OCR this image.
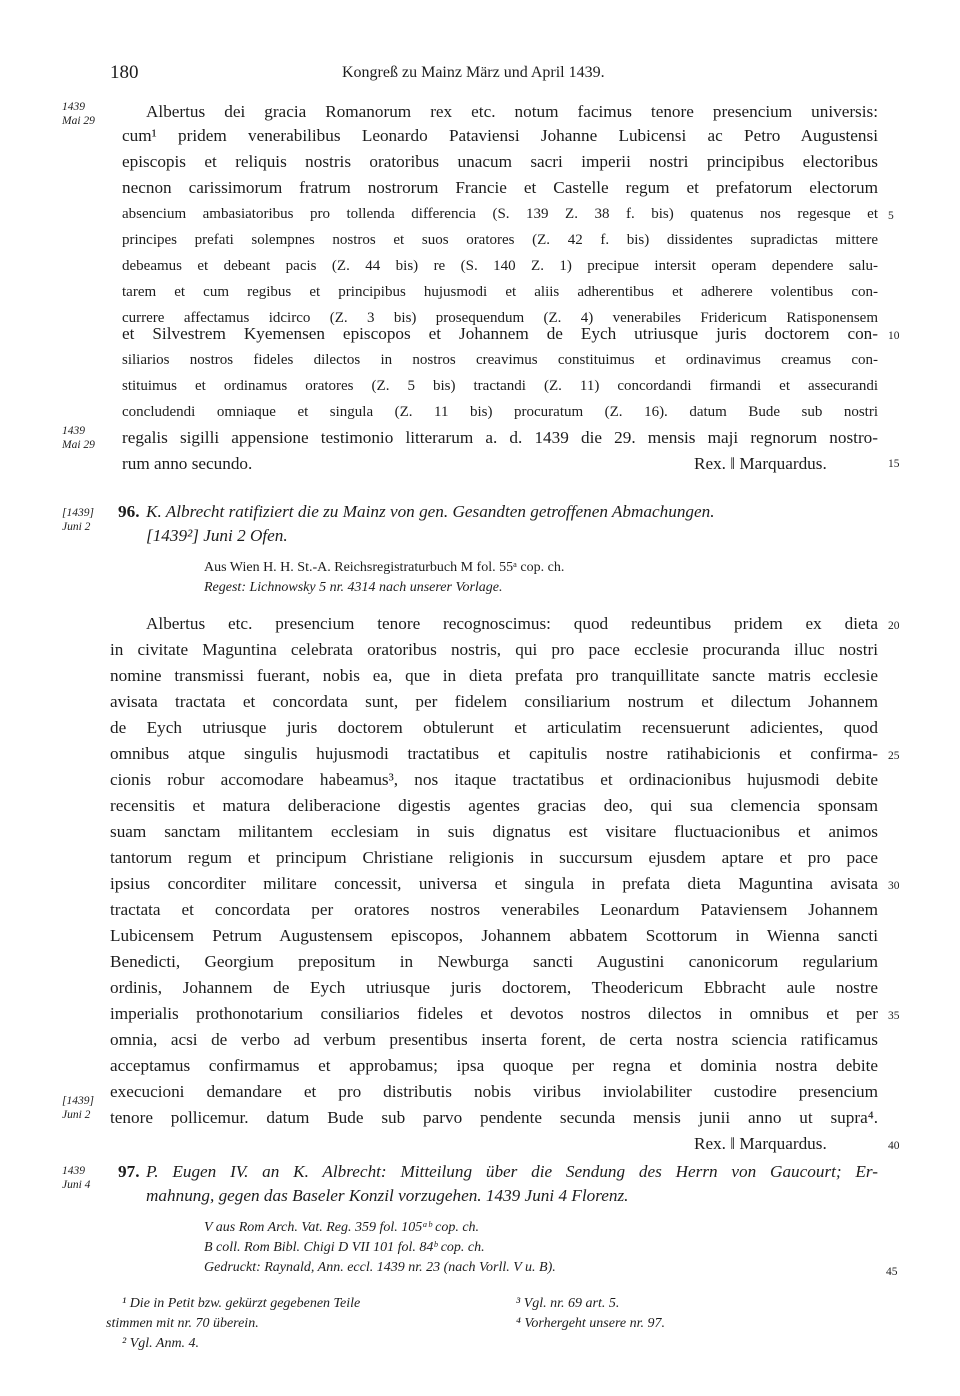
180	Kongreß zu Mainz März und April 1439.
1439
Mai 29
1439
Mai 29
Albertus dei gracia Romanorum rex etc. notum facimus tenore presencium universis:
cum¹ pridem venerabilibus Leonardo Pataviensi Johanne Lubicensi ac Petro Augustensi
episcopis et reliquis nostris oratoribus unacum sacri imperii nostri principibus electoribus
necnon carissimorum fratrum nostrorum Francie et Castelle regum et prefatorum electorum
absencium ambasiatoribus pro tollenda differencia (S. 139 Z. 38 f. bis) quatenus nos regesque et
principes prefati solempnes nostros et suos oratores (Z. 42 f. bis) dissidentes supradictas mittere
debeamus et debeant pacis (Z. 44 bis) re (S. 140 Z. 1) precipue intersit operam dependere salu-
tarem et cum regibus et principibus hujusmodi et aliis adherentibus et adherere volentibus con-
currere affectamus idcirco (Z. 3 bis) prosequendum (Z. 4) venerabiles Fridericum Ratisponensem
et Silvestrem Kyemensen episcopos et Johannem de Eych utriusque juris doctorem con-
siliarios nostros fideles dilectos in nostros creavimus constituimus et ordinavimus creamus con-
stituimus et ordinamus oratores (Z. 5 bis) tractandi (Z. 11) concordandi firmandi et assecurandi
concludendi omniaque et singula (Z. 11 bis) procuratum (Z. 16). datum Bude sub nostri
regalis sigilli appensione testimonio litterarum a. d. 1439 die 29. mensis maji regnorum nostro-
rum anno secundo.	Rex. ‖ Marquardus.
5
10
15
[1439]
Juni 2
96. K. Albrecht ratifiziert die zu Mainz von gen. Gesandten getroffenen Abmachungen.
[1439²] Juni 2 Ofen.
Aus Wien H. H. St.-A. Reichsregistraturbuch M fol. 55ᵃ cop. ch.
Regest: Lichnowsky 5 nr. 4314 nach unserer Vorlage.
Albertus etc. presencium tenore recognoscimus: quod redeuntibus pridem ex dieta
in civitate Maguntina celebrata oratoribus nostris, qui pro pace ecclesie procuranda illuc nostri
nomine transmissi fuerant, nobis ea, que in dieta prefata pro tranquillitate sancte matris ecclesie
avisata tractata et concordata sunt, per fidelem consiliarium nostrum et dilectum Johannem
de Eych utriusque juris doctorem obtulerunt et articulatim recensuerunt adicientes, quod
omnibus atque singulis hujusmodi tractatibus et capitulis nostre ratihabicionis et confirma-
cionis robur accomodare habeamus³, nos itaque tractatibus et ordinacionibus hujusmodi debite
recensitis et matura deliberacione digestis agentes gracias deo, qui sua clemencia sponsam
suam sanctam militantem ecclesiam in suis dignatus est visitare fluctuacionibus et animos
tantorum regum et principum Christiane religionis in succursum ejusdem aptare et pro pace
ipsius concorditer militare concessit, universa et singula in prefata dieta Maguntina avisata
tractata et concordata per oratores nostros venerabiles Leonardum Pataviensem Johannem
Lubicensem Petrum Augustensem episcopos, Johannem abbatem Scottorum in Wienna sancti
Benedicti, Georgium prepositum in Newburga sancti Augustini canonicorum regularium
ordinis, Johannem de Eych utriusque juris doctorem, Theodericum Ebbracht aule nostre
imperialis prothonotarium consiliarios fideles et devotos nostros dilectos in omnibus et per
omnia, acsi de verbo ad verbum presentibus inserta forent, de certa nostra sciencia ratificamus
acceptamus confirmamus et approbamus; ipsa quoque per regna et dominia nostra debite
execucioni demandare et pro distributis nobis viribus inviolabiliter custodire presencium
tenore pollicemur. datum Bude sub parvo pendente secunda mensis junii anno ut supra⁴.
Rex. ‖ Marquardus.
[1439]
Juni 2
20
25
30
35
40
1439
Juni 4
97. P. Eugen IV. an K. Albrecht: Mitteilung über die Sendung des Herrn von Gaucourt; Er-
mahnung, gegen das Baseler Konzil vorzugehen. 1439 Juni 4 Florenz.
V aus Rom Arch. Vat. Reg. 359 fol. 105ᵃᵇ cop. ch.
B coll. Rom Bibl. Chigi D VII 101 fol. 84ᵇ cop. ch.
Gedruckt: Raynald, Ann. eccl. 1439 nr. 23 (nach Vorll. V u. B).	45
¹ Die in Petit bzw. gekürzt gegebenen Teile
stimmen mit nr. 70 überein.
² Vgl. Anm. 4.
³ Vgl. nr. 69 art. 5.
⁴ Vorhergeht unsere nr. 97.
